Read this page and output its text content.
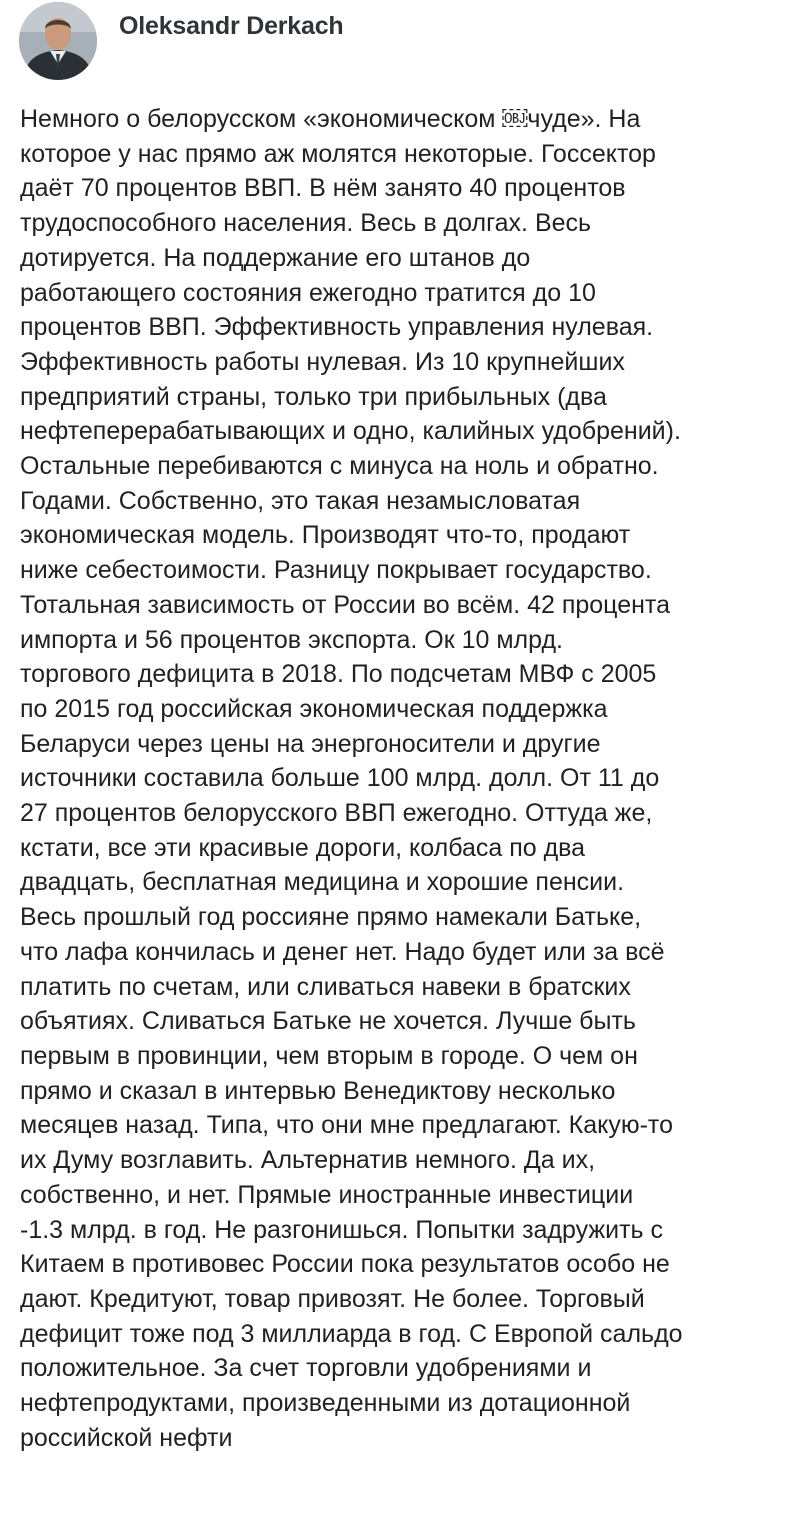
Oleksandr Derkach
Немного о белорусском «экономическом ￼чуде». На
которое у нас прямо аж молятся некоторые. Госсектор
даёт 70 процентов ВВП. В нём занято 40 процентов
трудоспособного населения. Весь в долгах. Весь
дотируется. На поддержание его штанов до
работающего состояния ежегодно тратится до 10
процентов ВВП. Эффективность управления нулевая.
Эффективность работы нулевая. Из 10 крупнейших
предприятий страны, только три прибыльных (два
нефтеперерабатывающих и одно, калийных удобрений).
Остальные перебиваются с минуса на ноль и обратно.
Годами. Собственно, это такая незамысловатая
экономическая модель. Производят что-то, продают
ниже себестоимости. Разницу покрывает государство.
Тотальная зависимость от России во всём. 42 процента
импорта и 56 процентов экспорта. Ок 10 млрд.
торгового дефицита в 2018. По подсчетам МВФ с 2005
по 2015 год российская экономическая поддержка
Беларуси через цены на энергоносители и другие
источники составила больше 100 млрд. долл. От 11 до
27 процентов белорусского ВВП ежегодно. Оттуда же,
кстати, все эти красивые дороги, колбаса по два
двадцать, бесплатная медицина и хорошие пенсии.
Весь прошлый год россияне прямо намекали Батьке,
что лафа кончилась и денег нет. Надо будет или за всё
платить по счетам, или сливаться навеки в братских
объятиях. Сливаться Батьке не хочется. Лучше быть
первым в провинции, чем вторым в городе. О чем он
прямо и сказал в интервью Венедиктову несколько
месяцев назад. Типа, что они мне предлагают. Какую-то
их Думу возглавить. Альтернатив немного. Да их,
собственно, и нет. Прямые иностранные инвестиции
-1.3 млрд. в год. Не разгонишься. Попытки задружить с
Китаем в противовес России пока результатов особо не
дают. Кредитуют, товар привозят. Не более. Торговый
дефицит тоже под 3 миллиарда в год. С Европой сальдо
положительное. За счет торговли удобрениями и
нефтепродуктами, произведенными из дотационной
российской нефти
